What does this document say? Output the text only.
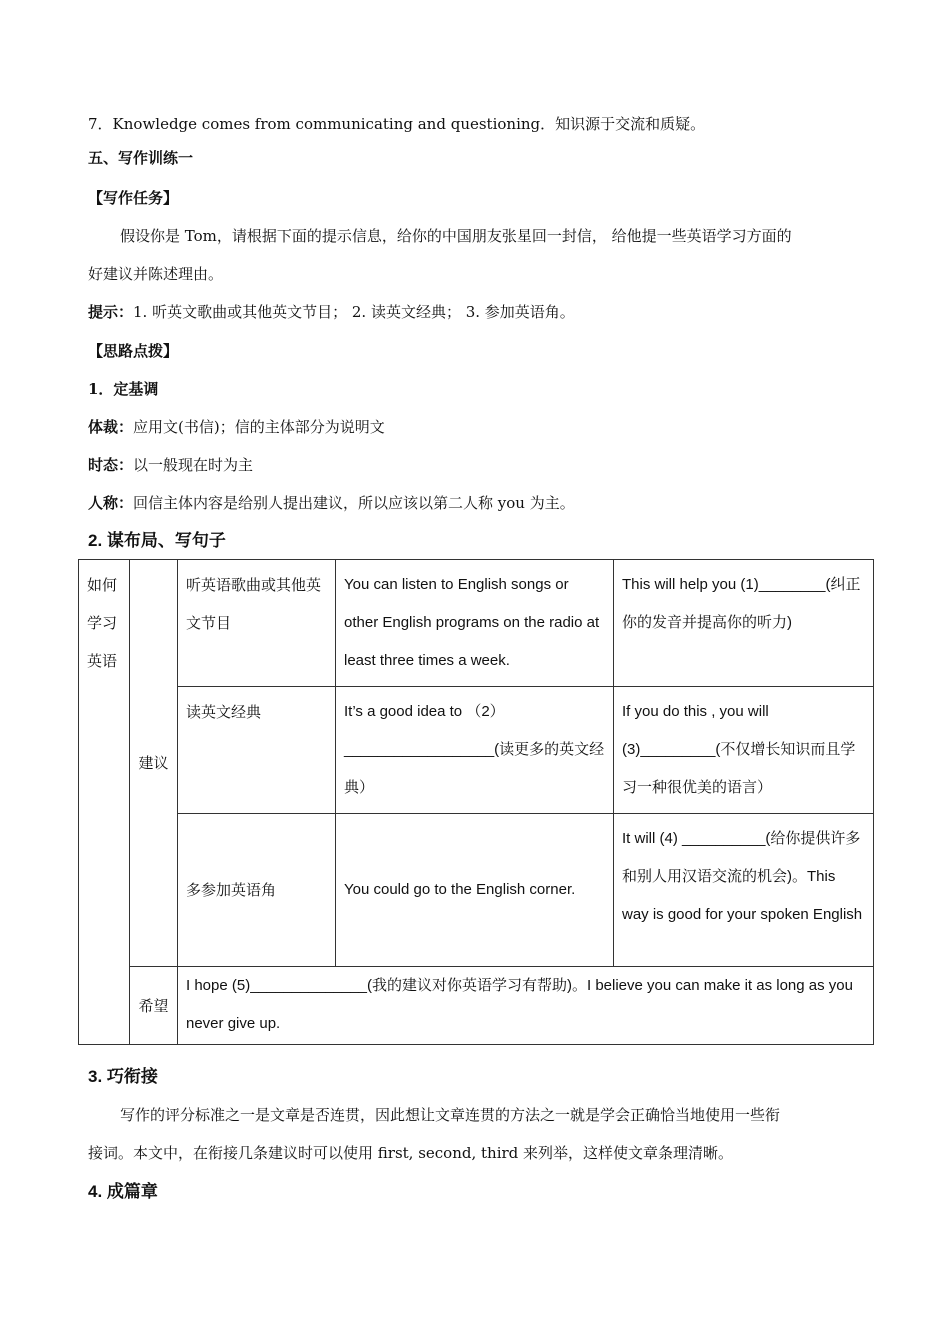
7．Knowledge comes from communicating and questioning．知识源于交流和质疑。
五、写作训练一
【写作任务】
假设你是 Tom，请根据下面的提示信息，给你的中国朋友张星回一封信， 给他提一些英语学习方面的
好建议并陈述理由。
提示：1. 听英文歌曲或其他英文节目； 2. 读英文经典； 3. 参加英语角。
【思路点拨】
1．定基调
体裁：应用文(书信)；信的主体部分为说明文
时态：以一般现在时为主
人称：回信主体内容是给别人提出建议，所以应该以第二人称 you 为主。
2. 谋布局、写句子
如何学习英语	建议	听英语歌曲或其他英文节目	You can listen to English songs or other English programs on the radio at least three times a week.	This will help you (1)________(纠正你的发音并提高你的听力)
		读英文经典	It’s a good idea to （2）__________________(读更多的英文经典）	If you do this , you will (3)_________(不仅增长知识而且学习一种很优美的语言）
		多参加英语角	You could go to the English corner.	It will (4) __________(给你提供许多和别人用汉语交流的机会)。This way is good for your spoken English
	希望	I hope (5)______________(我的建议对你英语学习有帮助)。I believe you can make it as long as you never give up.		
3. 巧衔接
写作的评分标准之一是文章是否连贯，因此想让文章连贯的方法之一就是学会正确恰当地使用一些衔
接词。本文中，在衔接几条建议时可以使用 first, second, third 来列举，这样使文章条理清晰。
4. 成篇章
